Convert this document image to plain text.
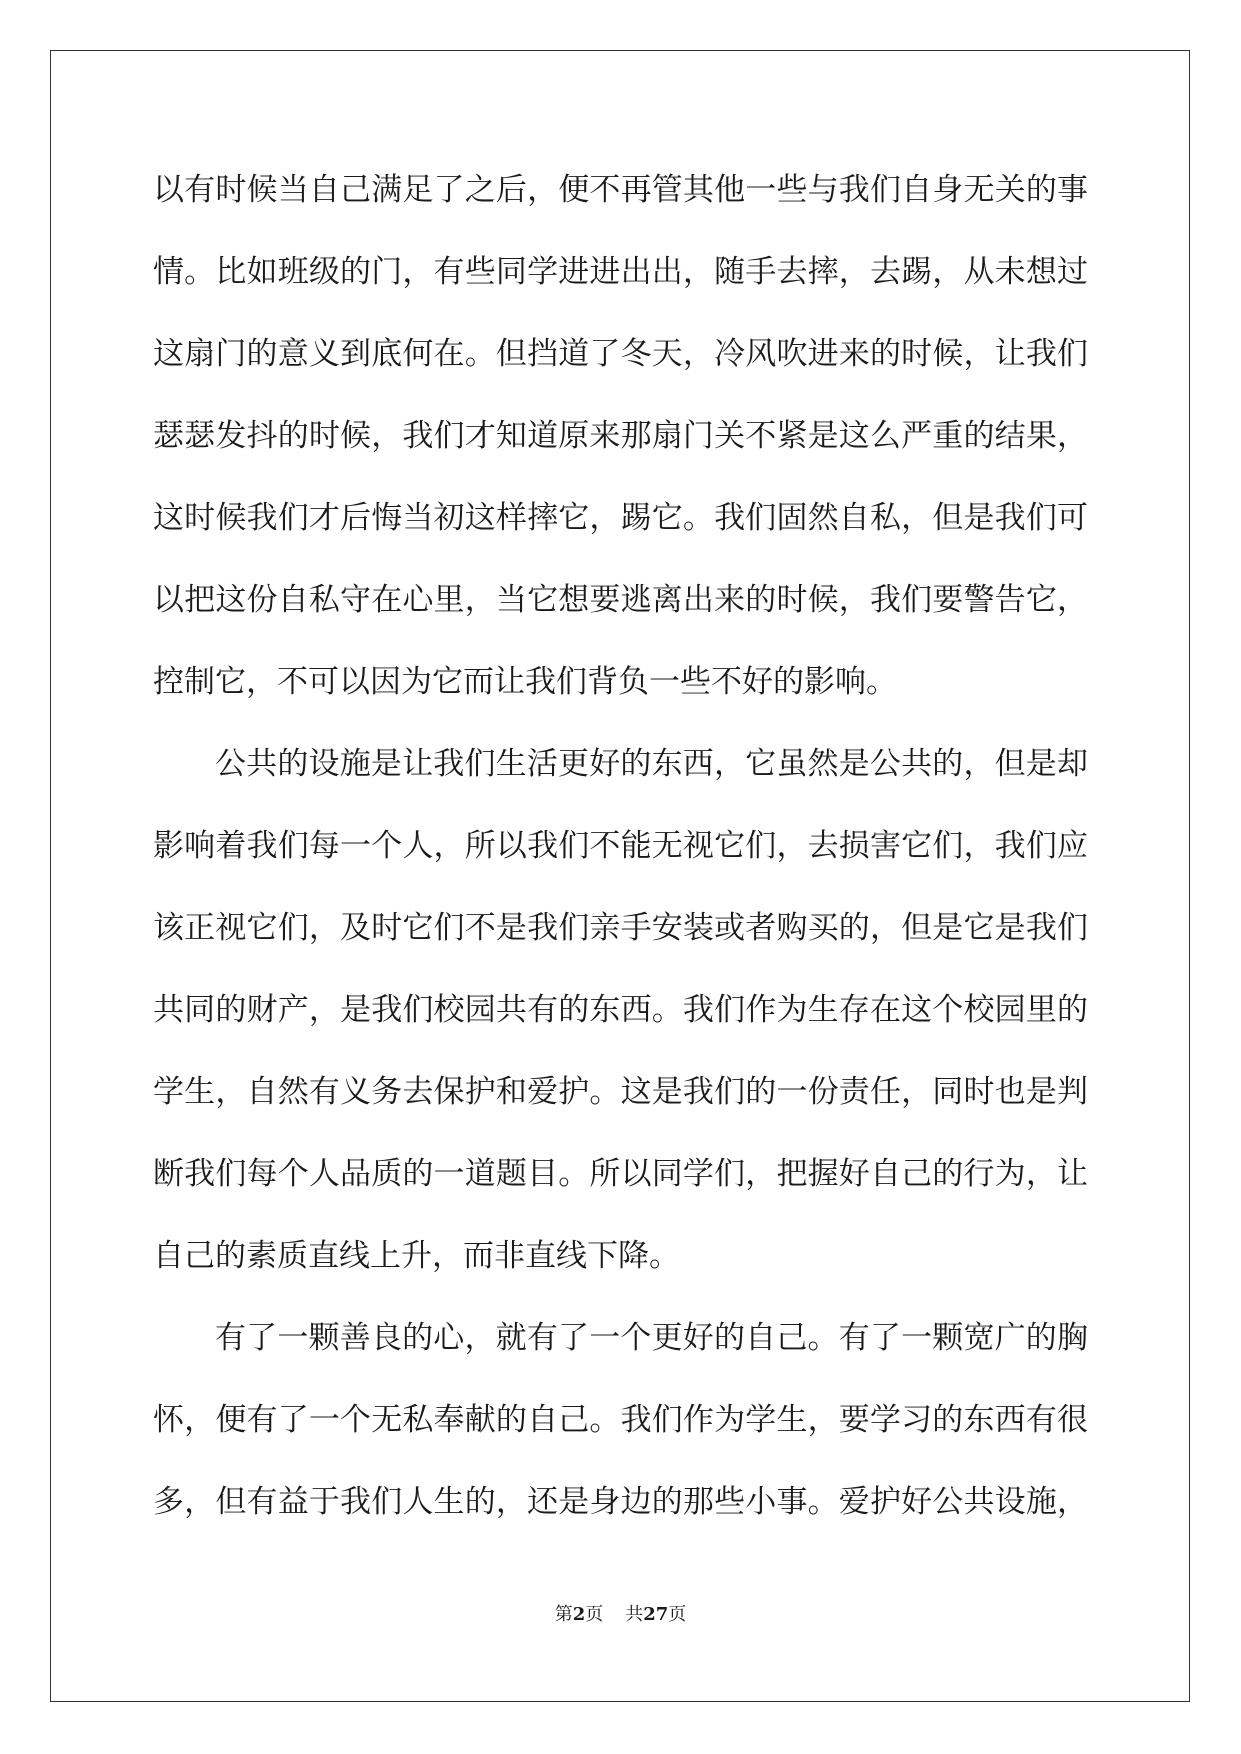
以有时候当自己满足了之后，便不再管其他一些与我们自身无关的事
情。比如班级的门，有些同学进进出出，随手去摔，去踢，从未想过
这扇门的意义到底何在。但挡道了冬天，冷风吹进来的时候，让我们
瑟瑟发抖的时候，我们才知道原来那扇门关不紧是这么严重的结果，
这时候我们才后悔当初这样摔它，踢它。我们固然自私，但是我们可
以把这份自私守在心里，当它想要逃离出来的时候，我们要警告它，
控制它，不可以因为它而让我们背负一些不好的影响。
公共的设施是让我们生活更好的东西，它虽然是公共的，但是却
影响着我们每一个人，所以我们不能无视它们，去损害它们，我们应
该正视它们，及时它们不是我们亲手安装或者购买的，但是它是我们
共同的财产，是我们校园共有的东西。我们作为生存在这个校园里的
学生，自然有义务去保护和爱护。这是我们的一份责任，同时也是判
断我们每个人品质的一道题目。所以同学们，把握好自己的行为，让
自己的素质直线上升，而非直线下降。
有了一颗善良的心，就有了一个更好的自己。有了一颗宽广的胸
怀，便有了一个无私奉献的自己。我们作为学生，要学习的东西有很
多，但有益于我们人生的，还是身边的那些小事。爱护好公共设施，
第2页 共27页
